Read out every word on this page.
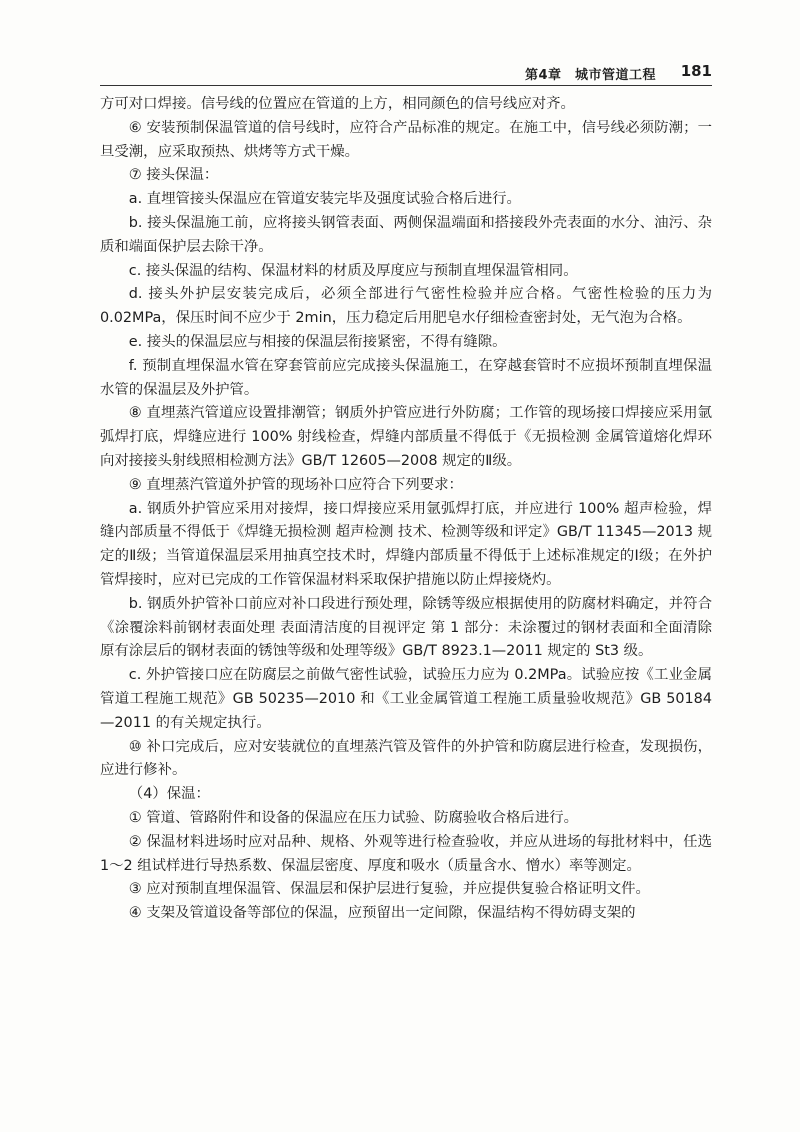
第4章　城市管道工程 181

方可对口焊接。信号线的位置应在管道的上方，相同颜色的信号线应对齐。

⑥ 安装预制保温管道的信号线时，应符合产品标准的规定。在施工中，信号线必须防潮；一旦受潮，应采取预热、烘烤等方式干燥。

⑦ 接头保温：

a. 直埋管接头保温应在管道安装完毕及强度试验合格后进行。

b. 接头保温施工前，应将接头钢管表面、两侧保温端面和搭接段外壳表面的水分、油污、杂质和端面保护层去除干净。

c. 接头保温的结构、保温材料的材质及厚度应与预制直埋保温管相同。

d. 接头外护层安装完成后，必须全部进行气密性检验并应合格。气密性检验的压力为 0.02MPa，保压时间不应少于 2min，压力稳定后用肥皂水仔细检查密封处，无气泡为合格。

e. 接头的保温层应与相接的保温层衔接紧密，不得有缝隙。

f. 预制直埋保温水管在穿套管前应完成接头保温施工，在穿越套管时不应损坏预制直埋保温水管的保温层及外护管。

⑧ 直埋蒸汽管道应设置排潮管；钢质外护管应进行外防腐；工作管的现场接口焊接应采用氩弧焊打底，焊缝应进行 100% 射线检查，焊缝内部质量不得低于《无损检测 金属管道熔化焊环向对接接头射线照相检测方法》GB/T 12605—2008 规定的Ⅱ级。

⑨ 直埋蒸汽管道外护管的现场补口应符合下列要求：

a. 钢质外护管应采用对接焊，接口焊接应采用氩弧焊打底，并应进行 100% 超声检验，焊缝内部质量不得低于《焊缝无损检测 超声检测 技术、检测等级和评定》GB/T 11345—2013 规定的Ⅱ级；当管道保温层采用抽真空技术时，焊缝内部质量不得低于上述标准规定的Ⅰ级；在外护管焊接时，应对已完成的工作管保温材料采取保护措施以防止焊接烧灼。

b. 钢质外护管补口前应对补口段进行预处理，除锈等级应根据使用的防腐材料确定，并符合《涂覆涂料前钢材表面处理 表面清洁度的目视评定 第 1 部分：未涂覆过的钢材表面和全面清除原有涂层后的钢材表面的锈蚀等级和处理等级》GB/T 8923.1—2011 规定的 St3 级。

c. 外护管接口应在防腐层之前做气密性试验，试验压力应为 0.2MPa。试验应按《工业金属管道工程施工规范》GB 50235—2010 和《工业金属管道工程施工质量验收规范》GB 50184—2011 的有关规定执行。

⑩ 补口完成后，应对安装就位的直埋蒸汽管及管件的外护管和防腐层进行检查，发现损伤，应进行修补。

（4）保温：

① 管道、管路附件和设备的保温应在压力试验、防腐验收合格后进行。

② 保温材料进场时应对品种、规格、外观等进行检查验收，并应从进场的每批材料中，任选 1～2 组试样进行导热系数、保温层密度、厚度和吸水（质量含水、憎水）率等测定。

③ 应对预制直埋保温管、保温层和保护层进行复验，并应提供复验合格证明文件。

④ 支架及管道设备等部位的保温，应预留出一定间隙，保温结构不得妨碍支架的
